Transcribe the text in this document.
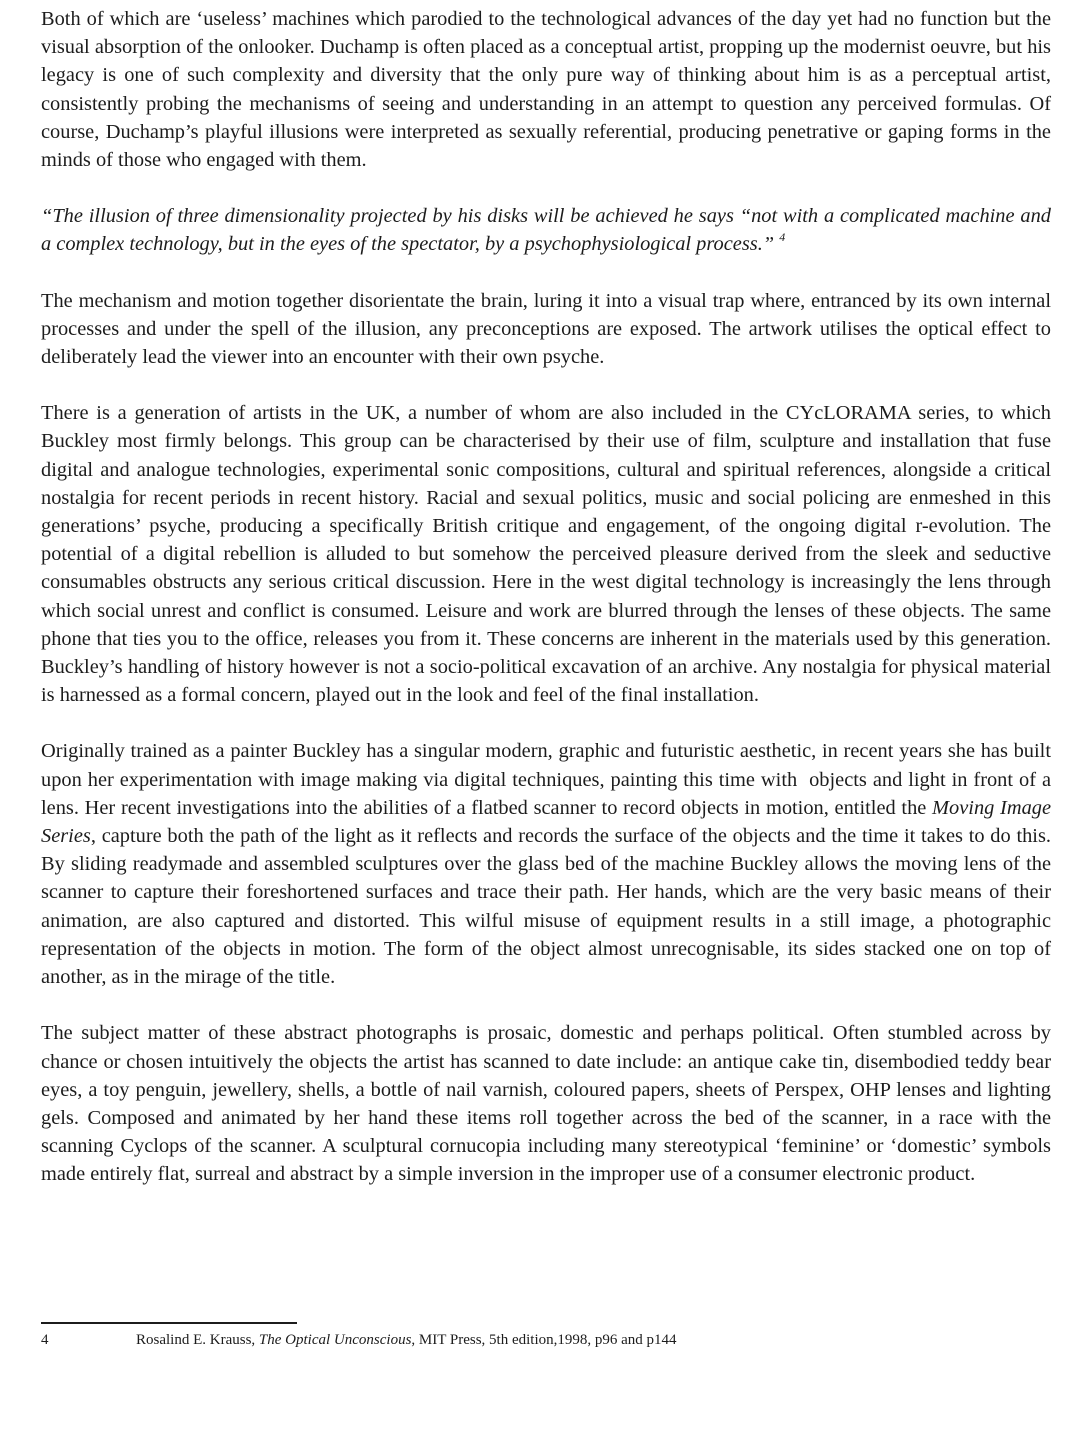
Both of which are ‘useless’ machines which parodied to the technological advances of the day yet had no function but the visual absorption of the onlooker. Duchamp is often placed as a conceptual artist, propping up the modernist oeuvre, but his legacy is one of such complexity and diversity that the only pure way of thinking about him is as a perceptual artist, consistently probing the mechanisms of seeing and understanding in an attempt to question any perceived formulas. Of course, Duchamp’s playful illusions were interpreted as sexually referential, producing penetrative or gaping forms in the minds of those who engaged with them.

“The illusion of three dimensionality projected by his disks will be achieved he says “not with a complicated machine and a complex technology, but in the eyes of the spectator, by a psychophysiological process.” $^4$

The mechanism and motion together disorientate the brain, luring it into a visual trap where, entranced by its own internal processes and under the spell of the illusion, any preconceptions are exposed. The artwork utilises the optical effect to deliberately lead the viewer into an encounter with their own psyche.

There is a generation of artists in the UK, a number of whom are also included in the CYcLORAMA series, to which Buckley most firmly belongs. This group can be characterised by their use of film, sculpture and installation that fuse digital and analogue technologies, experimental sonic compositions, cultural and spiritual references, alongside a critical nostalgia for recent periods in recent history. Racial and sexual politics, music and social policing are enmeshed in this generations’ psyche, producing a specifically British critique and engagement, of the ongoing digital r-evolution. The potential of a digital rebellion is alluded to but somehow the perceived pleasure derived from the sleek and seductive consumables obstructs any serious critical discussion. Here in the west digital technology is increasingly the lens through which social unrest and conflict is consumed. Leisure and work are blurred through the lenses of these objects. The same phone that ties you to the office, releases you from it. These concerns are inherent in the materials used by this generation. Buckley’s handling of history however is not a socio-political excavation of an archive. Any nostalgia for physical material is harnessed as a formal concern, played out in the look and feel of the final installation.

Originally trained as a painter Buckley has a singular modern, graphic and futuristic aesthetic, in recent years she has built upon her experimentation with image making via digital techniques, painting this time with  objects and light in front of a lens. Her recent investigations into the abilities of a flatbed scanner to record objects in motion, entitled the Moving Image Series, capture both the path of the light as it reflects and records the surface of the objects and the time it takes to do this. By sliding readymade and assembled sculptures over the glass bed of the machine Buckley allows the moving lens of the scanner to capture their foreshortened surfaces and trace their path. Her hands, which are the very basic means of their animation, are also captured and distorted. This wilful misuse of equipment results in a still image, a photographic representation of the objects in motion. The form of the object almost unrecognisable, its sides stacked one on top of another, as in the mirage of the title.

The subject matter of these abstract photographs is prosaic, domestic and perhaps political. Often stumbled across by chance or chosen intuitively the objects the artist has scanned to date include: an antique cake tin, disembodied teddy bear eyes, a toy penguin, jewellery, shells, a bottle of nail varnish, coloured papers, sheets of Perspex, OHP lenses and lighting gels. Composed and animated by her hand these items roll together across the bed of the scanner, in a race with the scanning Cyclops of the scanner. A sculptural cornucopia including many stereotypical ‘feminine’ or ‘domestic’ symbols made entirely flat, surreal and abstract by a simple inversion in the improper use of a consumer electronic product.

4	Rosalind E. Krauss, The Optical Unconscious, MIT Press, 5th edition,1998, p96 and p144
